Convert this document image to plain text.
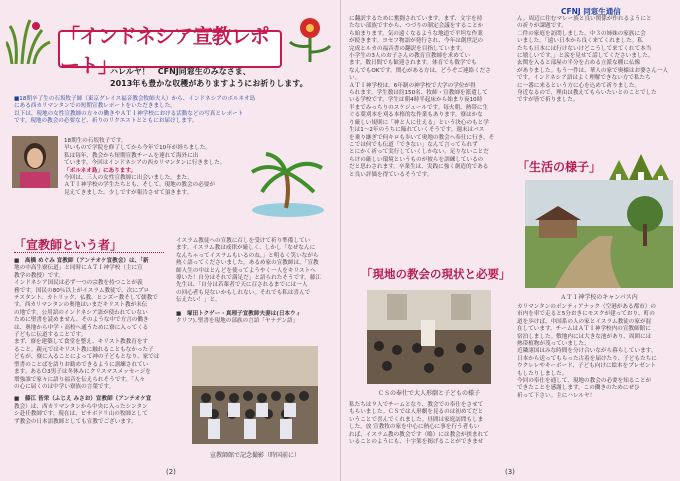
「インドネシア宣教レポート」
ハレルヤ！　CFNJ同窓生のみなさま、
2013年も豊かな収穫がありますようにお祈りします。
■18期卒了生の石坂牧子師（東京グレイス福音教会牧師夫人）から、インドネシアのボルネオ島
にある西カリマンタンでの短期宣教レポートをいただきました。
以下は、現地の女性宣教師の方々の働きやＡＴＩ神学校における活動などの写真とレポート
です。現地の教会の必要など、祈りのリクエストとともにお届けします。
18期生の石坂牧子です。
早いもので学院を修了してから今年で10年が経ちました。
私は毎年、教会から短期宣教チームを連れて海外に出
ています。今回はインドネシアの西カリマンタンに行きました。
「ボルネオ島」にあります。
今回は、三人の女性宣教師に出会いました。また、
ＡＴＩ神学校の学生たちとも、そして、現地の教会の必要が
見えてきました。少しですが報告させて頂きます。
「宣教師という者」
■　高橋 めぐみ 宣教師（アンテオケ宣教会）は、「新
地の中高生寮伝道」と同時にＡＴＩ神学校（主に宣
教学の教授）です。
インドネシア国民は必ず一つの宗教を持つことが義
務です。国民の80％以上がイスラム教徒で、次にプロ
テスタント、カトリック、仏教、ヒンズー教そして儒教で
す。西カリマンタンの奥地はいまだキリスト教が未伝
の地です。公用語のインドネシア語が使われていない
ために聖書を読めません。そのような中で方言の働き
は、奥地から中学・高校へ通うために寮に入ってくる
子どもに伝道することです。
まず、寮を建築して食堂を整え、キリスト教教育をす
ること。親元ではキリスト教に触れることもなかった子
どもが、寮に入ることによって神の子どもとなり、家では
聖書のことばを語りお勧めできるように訓練されてい
ます。あるＯ3男子は冬休みにクリスマスメッセージを
増強誰で家々に語り福音を伝えられそうです。「人々
の心に届くのは中学い寮族の言葉です。
■　藤江 皆栄（ふじえ みさお）宣教師（アンテオケ宣
教会）は、西カリマンタンから中央に入ったシンタン
シ赴任教師です。現在は、ピサボドリ山の牧師として
ず教会の日本語教師としても宣教でございます。
イスラム教徒への宣教に召しを受けて祈り準備してい
ます。イスラム教は戒律が厳しく、しかし「なぜなんに
なんちゃってイスラムもいるのね。」と明るく笑いながら
熱く語ってくださいました。あるめ家の宣教師は、「宣教
師人生の中はとんどを使ってようやく一人をキリストへ
導いた！自分はそれで満足だ」と語られたそうです。藤江
先生は、「自分は若輩者で天に召されるまでには一人
の回心者も見ないかもしれない。それでも私は喜んで
伝えたい！」と。
■　塚田トクゲー・真理子宣教師夫妻は(日本ウィ
クリフ)､聖書を現地の部族の言語「ヤナデン語」
宣教師館で記念撮影（時国前に）
(2)
CFNJ 同窓生通信
に翻訳するために奮闘されています。まず、文字を持
たない部族ですから、つづりの制定会議をすることか
ら始まります。気の遠くなるような地道で平坦な作業
が続きます。ヨセフ物語が発行され、今年は創世記の
完成とルカの福音書の翻訳を目指しています。
小学生の3人のお子さんの教育宣教師を求めてい
ます。数日間でも歓迎されます。体育でも数学でも
なんでもOKです。関心がある方は、どうぞご連絡くださ
い。
ＡＴＩ神学校は、6年制の神学校で大学の学位が得
られます。学生数は約150名、牧師・宣教師を派遣して
いる学校です。学生は朝4時半起床から始まり夜10時
半までみっちりのスケジュールです。毎火朝、熱帯に生
ぐる葉刈本を刈る本格的な作業もあります。寮はかな
り厳しい規則に「神と人に仕える」という決心のもと学
生は1～2年のうちに陥れていくそうです。週末はバス
を乗り継ぎで何キロも歩いて奥地の教会へ奉仕に行き、そ
こでは何でも伝道「できない」なんて言ってられず
とにかく祈って実行していくしかない。足りないことだ
らけの厳しい環境というものが彼らを訓練しているの
だと思わされます。卒業生は、実践に強く創造的である
と良い評価を得ているそうです。
「現地の教会の現状と必要」
ＣＳの奉仕で大人形劇と子どもの様子
私たちは９人でチームとなり、教会での奉仕をさせて
もらいました。ＣＳでは人形劇を見るのは初めてだと
いうことで喜んでくれました。昼間は家庭訪問もしま
した。放 宣教牧の家を中心に熱心に事を行う者もい
れば、イスラム教の教会です（略）には教会が挟まれて
いることのようにも、十字架を掲げることができませ
ん。周辺に住むマレー族と良い関係が作れるようにと
の祈りが課題です。
二件の家庭を訪問しました。中３の姉妹の家族に会
いました。「遠い日本から良く来てくれました。私
たちも日本には行けないけどこうして来てくれて本当
に嬉しいです。」と涙を見せて話してくださいました。
玄関を入ると部屋の半分を占める立派な棚に仏像
がありました。もう一件は、華人の家で奥様はお婆さん一人
です。インドネシア語はよく理解できない方で私たち
に一番に来るという方に心を込めて祈りました。
身近なるので、理由は教えてもらいたいとのことでした
ですが皆で祈りました。
「生活の様子」
ＡＴＩ神学校のキャンパス内
カリマンタンのポンティアナック（空港がある都市）の
市内を車で走ると5分おきにモスクが建っており、町の
道を歩けば、中国系の人の家とイスラム教徒の家が混
在しています。チームはＡＴＩ神学校内の宣教師館に
宿泊しました。敷地内には大きな池があり、周囲には
熱帯植物が茂っていました。
近隣諸国はみな時間を分け合いながら暮らしています。
日本から送ってもらった古着を届けたり、子どもたちに
ウクレレやキーボード、子ども向けに絵本をプレゼント
もしたりしました。
今回の奉仕を通して、現地の教会の必要を知ることが
できたことを感謝します。この働きのためにぜひ
祈って下さい。主にハレルヤ！
(3)
